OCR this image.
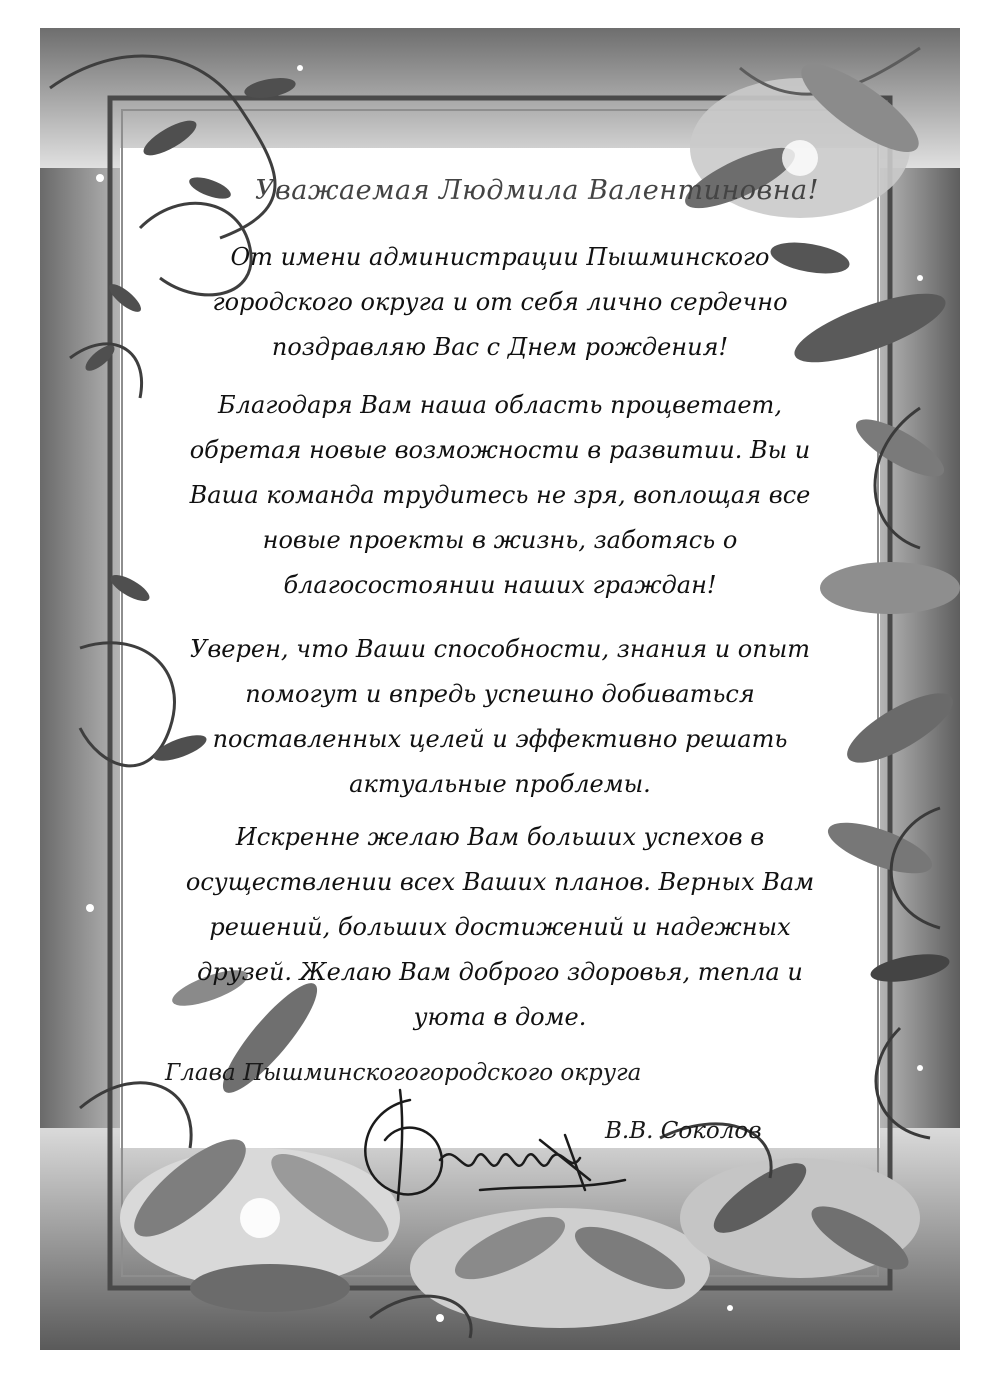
Уважаемая Людмила Валентиновна!
От имени администрации Пышминского
городского округа и от себя лично сердечно
поздравляю Вас с Днем рождения!
Благодаря Вам наша область процветает,
обретая новые возможности в развитии. Вы и
Ваша команда трудитесь не зря, воплощая все
новые проекты в жизнь, заботясь о
благосостоянии наших граждан!
Уверен, что Ваши способности, знания и опыт
помогут и впредь успешно добиваться
поставленных целей и эффективно решать
актуальные проблемы.
Искренне желаю Вам больших успехов в
осуществлении всех Ваших планов. Верных Вам
решений, больших достижений и надежных
друзей. Желаю Вам доброго здоровья, тепла и
уюта в доме.
Глава Пышминскогогородского округа
В.В. Соколов
